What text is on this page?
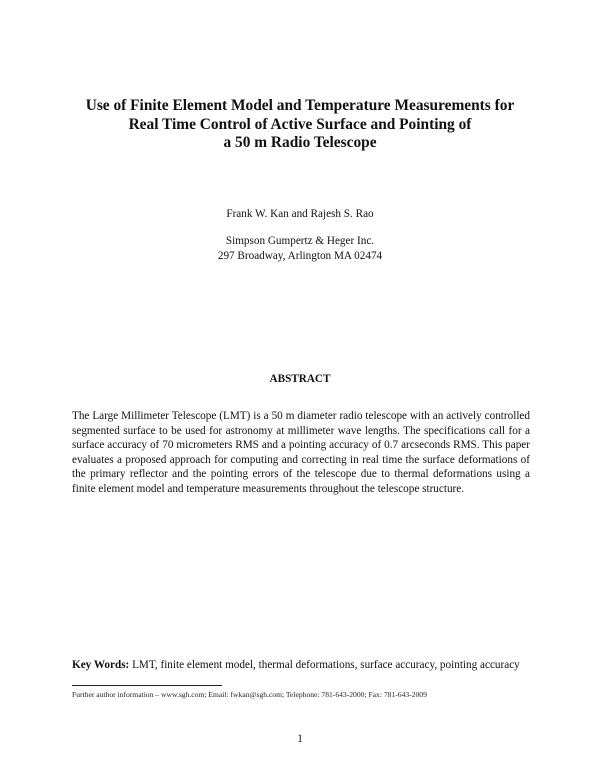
Use of Finite Element Model and Temperature Measurements for
Real Time Control of Active Surface and Pointing of
a 50 m Radio Telescope
Frank W. Kan and Rajesh S. Rao
Simpson Gumpertz & Heger Inc.
297 Broadway, Arlington MA 02474
ABSTRACT
The Large Millimeter Telescope (LMT) is a 50 m diameter radio telescope with an actively controlled segmented surface to be used for astronomy at millimeter wave lengths. The specifications call for a surface accuracy of 70 micrometers RMS and a pointing accuracy of 0.7 arcseconds RMS. This paper evaluates a proposed approach for computing and correcting in real time the surface deformations of the primary reflector and the pointing errors of the telescope due to thermal deformations using a finite element model and temperature measurements throughout the telescope structure.
Key Words: LMT, finite element model, thermal deformations, surface accuracy, pointing accuracy
Further author information – www.sgh.com; Email: fwkan@sgh.com; Telephone: 781-643-2000; Fax: 781-643-2009
1
